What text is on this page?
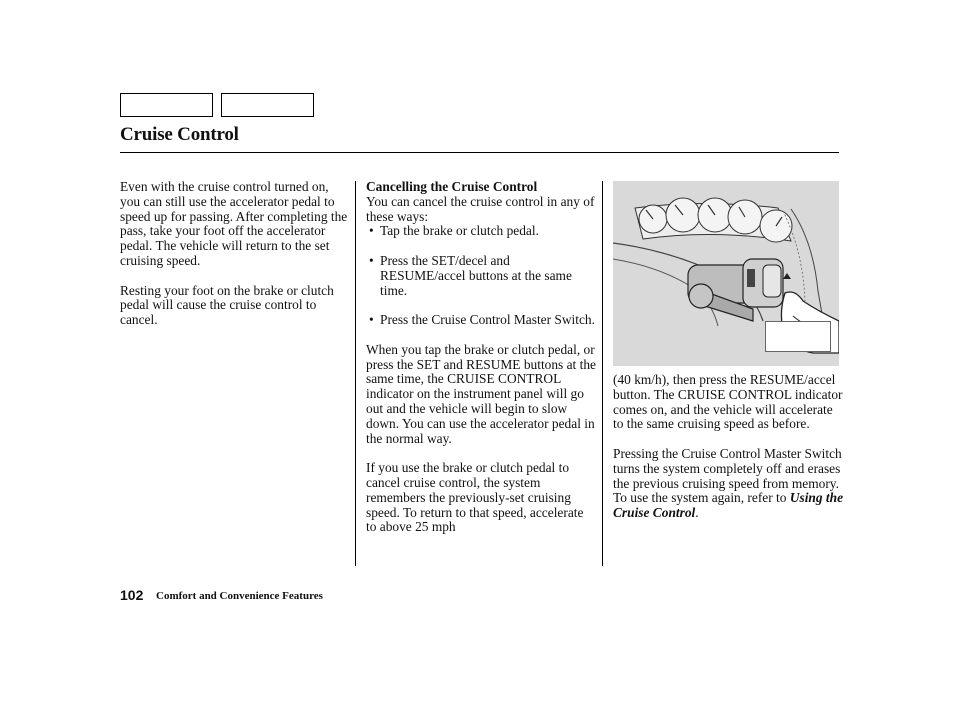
Cruise Control

Even with the cruise control turned on, you can still use the accelerator pedal to speed up for passing. After completing the pass, take your foot off the accelerator pedal. The vehicle will return to the set cruising speed.

Resting your foot on the brake or clutch pedal will cause the cruise control to cancel.

Cancelling the Cruise Control
You can cancel the cruise control in any of these ways:

• Tap the brake or clutch pedal.
• Press the SET/decel and RESUME/accel buttons at the same time.
• Press the Cruise Control Master Switch.

When you tap the brake or clutch pedal, or press the SET and RESUME buttons at the same time, the CRUISE CONTROL indicator on the instrument panel will go out and the vehicle will begin to slow down. You can use the accelerator pedal in the normal way.

If you use the brake or clutch pedal to cancel cruise control, the system remembers the previously-set cruising speed. To return to that speed, accelerate to above 25 mph

(40 km/h), then press the RESUME/accel button. The CRUISE CONTROL indicator comes on, and the vehicle will accelerate to the same cruising speed as before.

Pressing the Cruise Control Master Switch turns the system completely off and erases the previous cruising speed from memory. To use the system again, refer to Using the Cruise Control.

102 Comfort and Convenience Features
